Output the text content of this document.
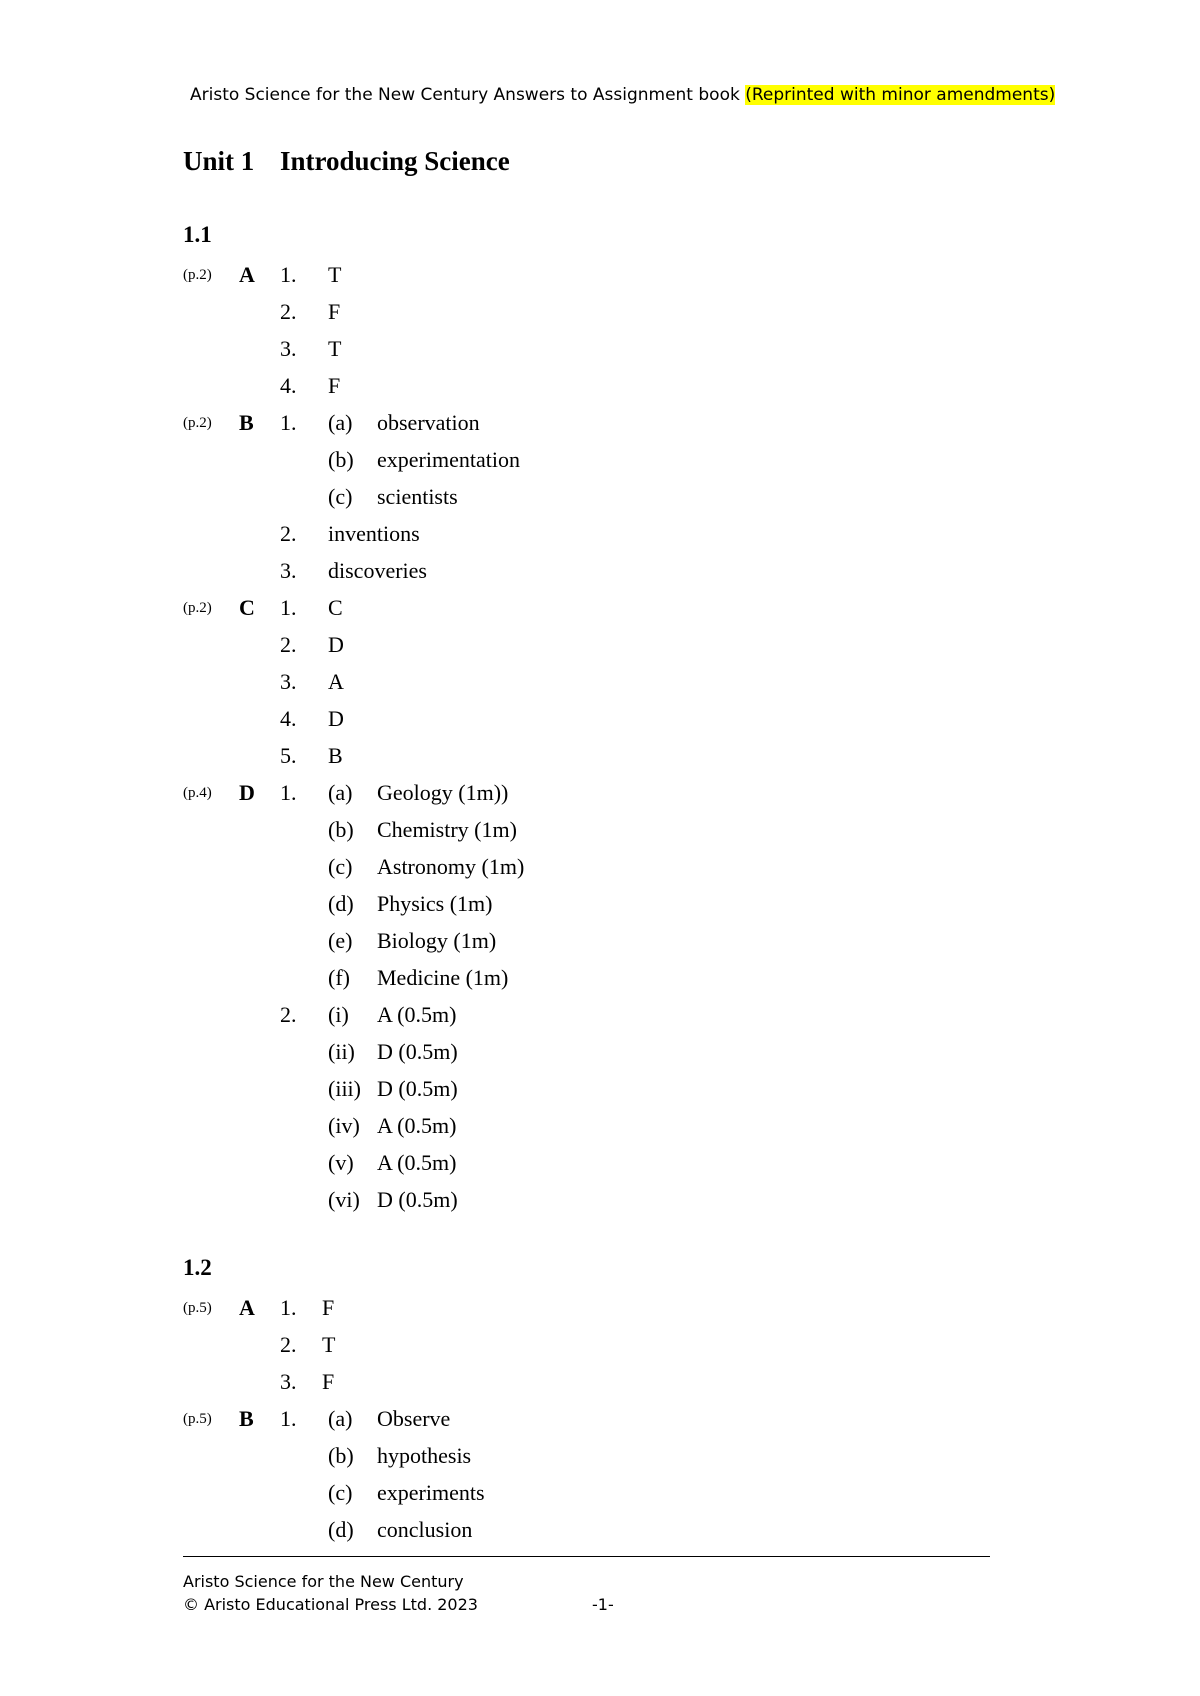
Aristo Science for the New Century Answers to Assignment book (Reprinted with minor amendments)
Unit 1 Introducing Science
1.1
(p.2) A 1. T
2. F
3. T
4. F
(p.2) B 1. (a) observation
(b) experimentation
(c) scientists
2. inventions
3. discoveries
(p.2) C 1. C
2. D
3. A
4. D
5. B
(p.4) D 1. (a) Geology (1m))
(b) Chemistry (1m)
(c) Astronomy (1m)
(d) Physics (1m)
(e) Biology (1m)
(f) Medicine (1m)
2. (i) A (0.5m)
(ii) D (0.5m)
(iii) D (0.5m)
(iv) A (0.5m)
(v) A (0.5m)
(vi) D (0.5m)
1.2
(p.5) A 1. F
2. T
3. F
(p.5) B 1. (a) Observe
(b) hypothesis
(c) experiments
(d) conclusion
Aristo Science for the New Century
© Aristo Educational Press Ltd. 2023	-1-
